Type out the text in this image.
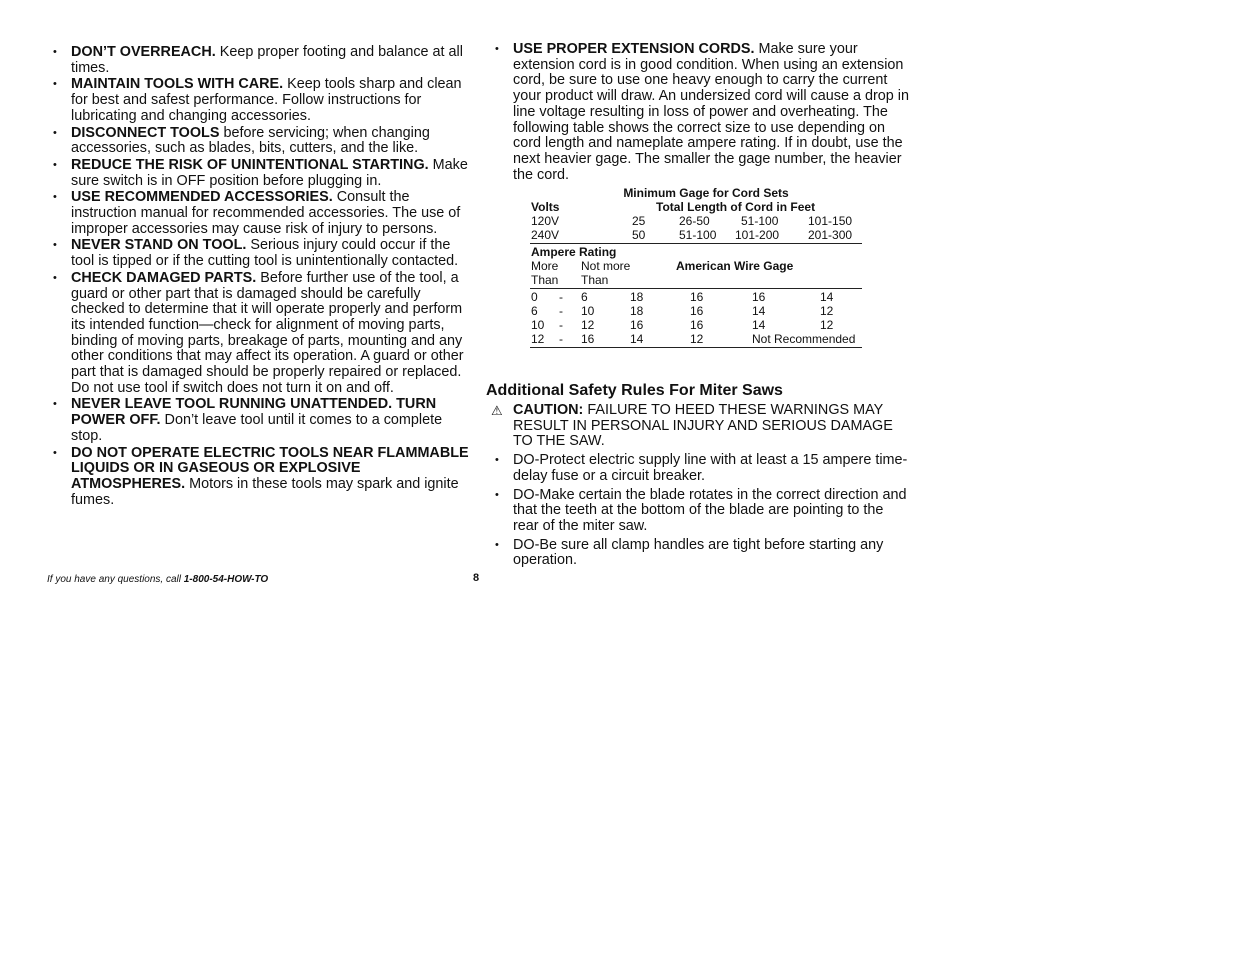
• DON’T OVERREACH. Keep proper footing and balance at all times.
• MAINTAIN TOOLS WITH CARE. Keep tools sharp and clean for best and safest performance. Follow instructions for lubricating and changing accessories.
• DISCONNECT TOOLS before servicing; when changing accessories, such as blades, bits, cutters, and the like.
• REDUCE THE RISK OF UNINTENTIONAL STARTING. Make sure switch is in OFF position before plugging in.
• USE RECOMMENDED ACCESSORIES. Consult the instruction manual for recommended accessories. The use of improper accessories may cause risk of injury to persons.
• NEVER STAND ON TOOL. Serious injury could occur if the tool is tipped or if the cutting tool is unintentionally contacted.
• CHECK DAMAGED PARTS. Before further use of the tool, a guard or other part that is damaged should be carefully checked to determine that it will operate properly and perform its intended function—check for alignment of moving parts, binding of moving parts, breakage of parts, mounting and any other conditions that may affect its operation. A guard or other part that is damaged should be properly repaired or replaced. Do not use tool if switch does not turn it on and off.
• NEVER LEAVE TOOL RUNNING UNATTENDED. TURN POWER OFF. Don’t leave tool until it comes to a complete stop.
• DO NOT OPERATE ELECTRIC TOOLS NEAR FLAMMABLE LIQUIDS OR IN GASEOUS OR EXPLOSIVE ATMOSPHERES. Motors in these tools may spark and ignite fumes.
• USE PROPER EXTENSION CORDS. Make sure your extension cord is in good condition. When using an extension cord, be sure to use one heavy enough to carry the current your product will draw. An undersized cord will cause a drop in line voltage resulting in loss of power and overheating. The following table shows the correct size to use depending on cord length and nameplate ampere rating. If in doubt, use the next heavier gage. The smaller the gage number, the heavier the cord.
Minimum Gage for Cord Sets
Volts	Total Length of Cord in Feet
120V	25	26-50	51-100 101-150
240V	50	51-100 101-200 201-300
Ampere Rating
More Not more	American Wire Gage
Than Than
0 - 6	18	16	16	14
6 - 10	18	16	14	12
10 - 12	16	16	14	12
12 - 16	14	12	Not Recommended
Additional Safety Rules For Miter Saws
⚠ CAUTION: FAILURE TO HEED THESE WARNINGS MAY RESULT IN PERSONAL INJURY AND SERIOUS DAMAGE TO THE SAW.
• DO-Protect electric supply line with at least a 15 ampere time-delay fuse or a circuit breaker.
• DO-Make certain the blade rotates in the correct direction and that the teeth at the bottom of the blade are pointing to the rear of the miter saw.
• DO-Be sure all clamp handles are tight before starting any operation.
If you have any questions, call 1-800-54-HOW-TO	8
